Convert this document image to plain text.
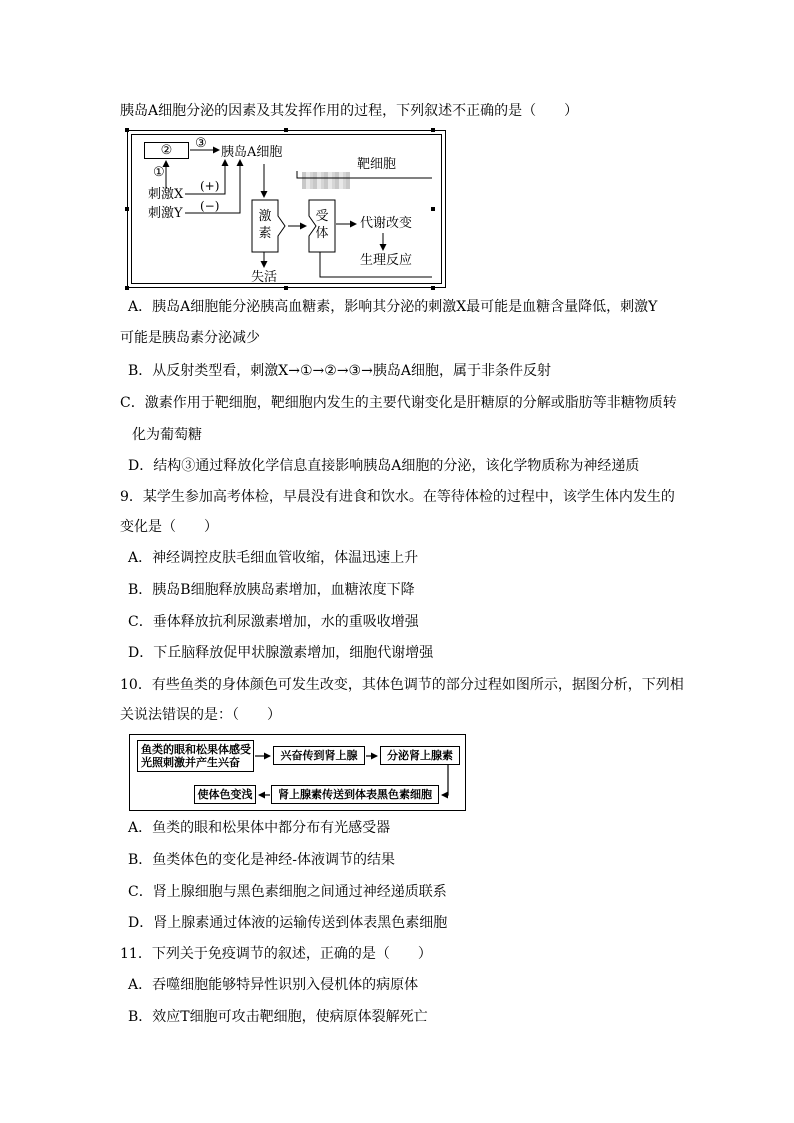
胰岛A细胞分泌的因素及其发挥作用的过程，下列叙述不正确的是（　　）
②	③
胰岛A细胞
①
刺激X
刺激Y
(+)
(−)
激
素
受
体
靶细胞
代谢改变
生理反应
失活
A．胰岛A细胞能分泌胰高血糖素，影响其分泌的刺激X最可能是血糖含量降低，刺激Y
可能是胰岛素分泌减少
B．从反射类型看，刺激X→①→②→③→胰岛A细胞，属于非条件反射
C．激素作用于靶细胞，靶细胞内发生的主要代谢变化是肝糖原的分解或脂肪等非糖物质转
化为葡萄糖
D．结构③通过释放化学信息直接影响胰岛A细胞的分泌，该化学物质称为神经递质
9．某学生参加高考体检，早晨没有进食和饮水。在等待体检的过程中，该学生体内发生的
变化是（　　）
A．神经调控皮肤毛细血管收缩，体温迅速上升
B．胰岛B细胞释放胰岛素增加，血糖浓度下降
C．垂体释放抗利尿激素增加，水的重吸收增强
D．下丘脑释放促甲状腺激素增加，细胞代谢增强
10．有些鱼类的身体颜色可发生改变，其体色调节的部分过程如图所示，据图分析，下列相
关说法错误的是：（　　）
鱼类的眼和松果体感受
光照刺激并产生兴奋
兴奋传到肾上腺	分泌肾上腺素
肾上腺素传送到体表黑色素细胞
使体色变浅
A．鱼类的眼和松果体中都分布有光感受器
B．鱼类体色的变化是神经-体液调节的结果
C．肾上腺细胞与黑色素细胞之间通过神经递质联系
D．肾上腺素通过体液的运输传送到体表黑色素细胞
11．下列关于免疫调节的叙述，正确的是（　　）
A．吞噬细胞能够特异性识别入侵机体的病原体
B．效应T细胞可攻击靶细胞，使病原体裂解死亡
